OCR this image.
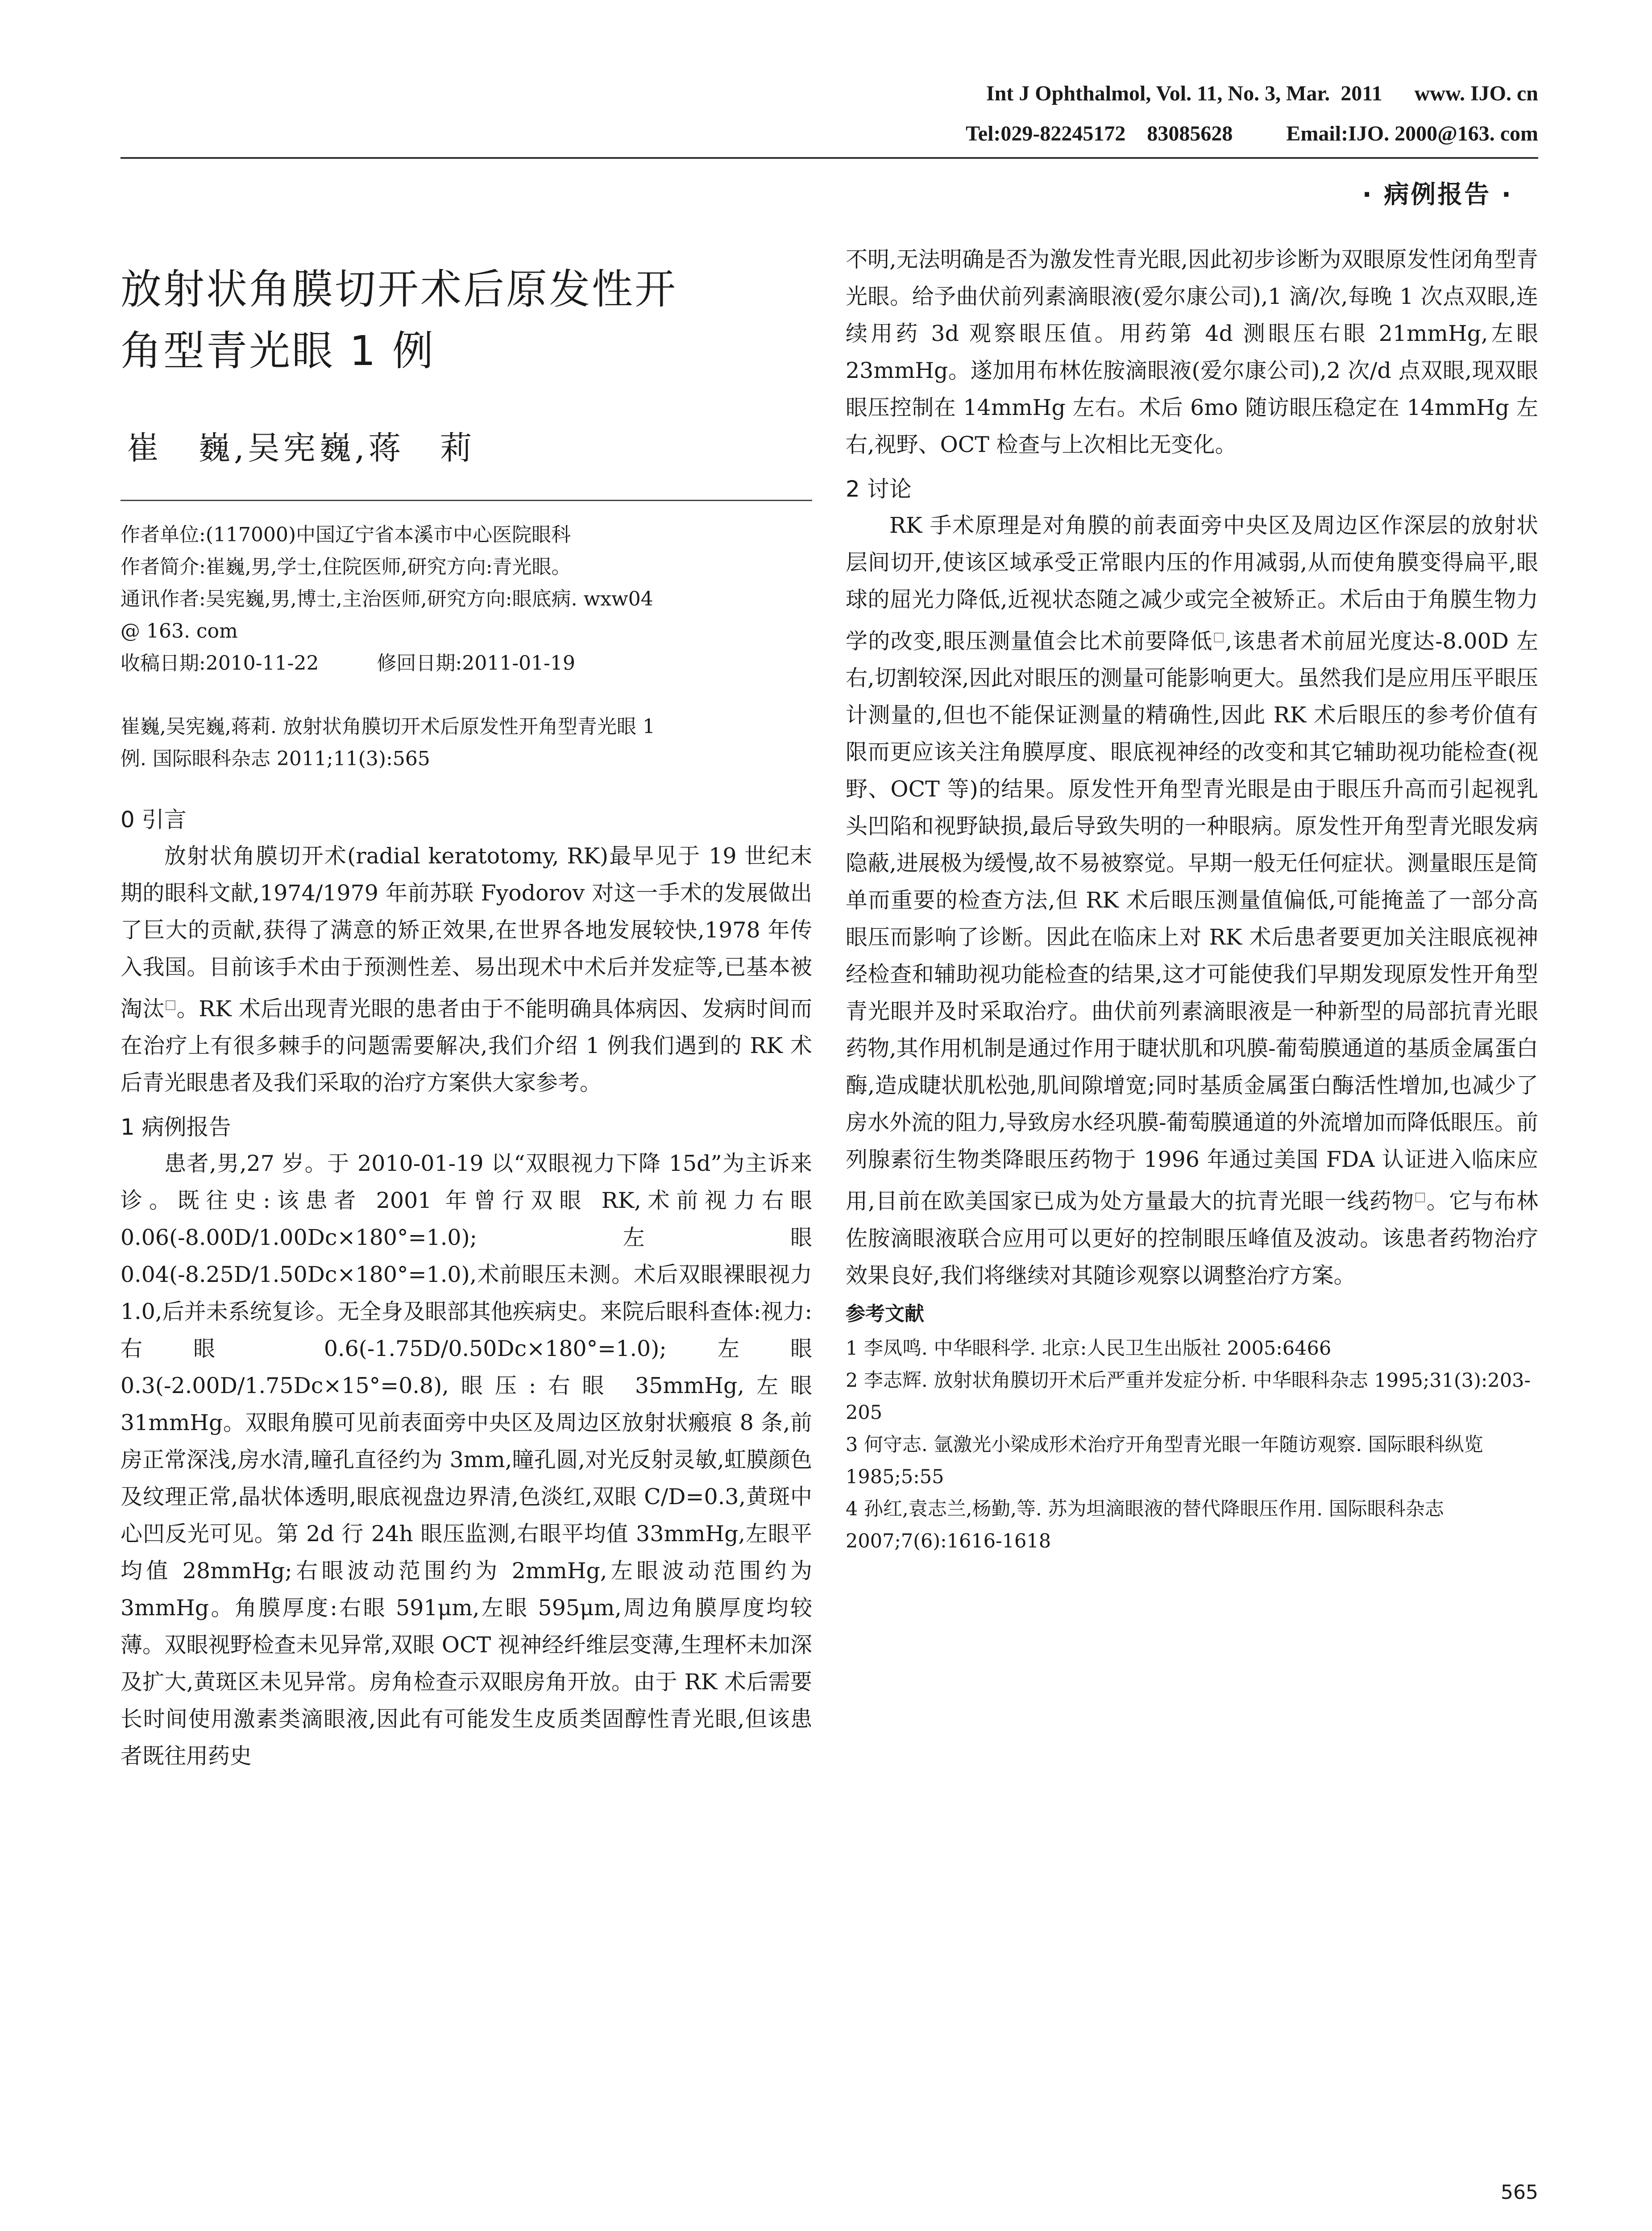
Int J Ophthalmol, Vol. 11, No. 3, Mar.  2011      www. IJO. cn
Tel:029-82245172    83085628          Email:IJO. 2000@163. com
· 病例报告 ·
放射状角膜切开术后原发性开
角型青光眼 1 例
崔　巍,吴宪巍,蒋　莉

作者单位:(117000)中国辽宁省本溪市中心医院眼科

作者简介:崔巍,男,学士,住院医师,研究方向:青光眼。

通讯作者:吴宪巍,男,博士,主治医师,研究方向:眼底病. wxw04

@ 163. com

收稿日期:2010-11-22	修回日期:2011-01-19

崔巍,吴宪巍,蒋莉. 放射状角膜切开术后原发性开角型青光眼 1

例. 国际眼科杂志 2011;11(3):565

0 引言

放射状角膜切开术(radial keratotomy, RK)最早见于 19 世纪末期的眼科文献,1974/1979 年前苏联 Fyodorov 对这一手术的发展做出了巨大的贡献,获得了满意的矫正效果,在世界各地发展较快,1978 年传入我国。目前该手术由于预测性差、易出现术中术后并发症等,已基本被淘汰□。RK 术后出现青光眼的患者由于不能明确具体病因、发病时间而在治疗上有很多棘手的问题需要解决,我们介绍 1 例我们遇到的 RK 术后青光眼患者及我们采取的治疗方案供大家参考。

1 病例报告

患者,男,27 岁。于 2010-01-19 以“双眼视力下降 15d”为主诉来诊。既往史:该患者 2001 年曾行双眼 RK,术前视力右眼 0.06(-8.00D/1.00Dc×180°=1.0);左眼 0.04(-8.25D/1.50Dc×180°=1.0),术前眼压未测。术后双眼裸眼视力 1.0,后并未系统复诊。无全身及眼部其他疾病史。来院后眼科查体:视力:右眼 0.6(-1.75D/0.50Dc×180°=1.0);左眼 0.3(-2.00D/1.75Dc×15°=0.8),眼压:右眼 35mmHg,左眼 31mmHg。双眼角膜可见前表面旁中央区及周边区放射状瘢痕 8 条,前房正常深浅,房水清,瞳孔直径约为 3mm,瞳孔圆,对光反射灵敏,虹膜颜色及纹理正常,晶状体透明,眼底视盘边界清,色淡红,双眼 C/D=0.3,黄斑中心凹反光可见。第 2d 行 24h 眼压监测,右眼平均值 33mmHg,左眼平均值 28mmHg;右眼波动范围约为 2mmHg,左眼波动范围约为 3mmHg。角膜厚度:右眼 591μm,左眼 595μm,周边角膜厚度均较薄。双眼视野检查未见异常,双眼 OCT 视神经纤维层变薄,生理杯未加深及扩大,黄斑区未见异常。房角检查示双眼房角开放。由于 RK 术后需要长时间使用激素类滴眼液,因此有可能发生皮质类固醇性青光眼,但该患者既往用药史

不明,无法明确是否为激发性青光眼,因此初步诊断为双眼原发性闭角型青光眼。给予曲伏前列素滴眼液(爱尔康公司),1 滴/次,每晚 1 次点双眼,连续用药 3d 观察眼压值。用药第 4d 测眼压右眼 21mmHg,左眼 23mmHg。遂加用布林佐胺滴眼液(爱尔康公司),2 次/d 点双眼,现双眼眼压控制在 14mmHg 左右。术后 6mo 随访眼压稳定在 14mmHg 左右,视野、OCT 检查与上次相比无变化。

2 讨论

RK 手术原理是对角膜的前表面旁中央区及周边区作深层的放射状层间切开,使该区域承受正常眼内压的作用减弱,从而使角膜变得扁平,眼球的屈光力降低,近视状态随之减少或完全被矫正。术后由于角膜生物力学的改变,眼压测量值会比术前要降低□,该患者术前屈光度达-8.00D 左右,切割较深,因此对眼压的测量可能影响更大。虽然我们是应用压平眼压计测量的,但也不能保证测量的精确性,因此 RK 术后眼压的参考价值有限而更应该关注角膜厚度、眼底视神经的改变和其它辅助视功能检查(视野、OCT 等)的结果。原发性开角型青光眼是由于眼压升高而引起视乳头凹陷和视野缺损,最后导致失明的一种眼病。原发性开角型青光眼发病隐蔽,进展极为缓慢,故不易被察觉。早期一般无任何症状。测量眼压是简单而重要的检查方法,但 RK 术后眼压测量值偏低,可能掩盖了一部分高眼压而影响了诊断。因此在临床上对 RK 术后患者要更加关注眼底视神经检查和辅助视功能检查的结果,这才可能使我们早期发现原发性开角型青光眼并及时采取治疗。曲伏前列素滴眼液是一种新型的局部抗青光眼药物,其作用机制是通过作用于睫状肌和巩膜-葡萄膜通道的基质金属蛋白酶,造成睫状肌松弛,肌间隙增宽;同时基质金属蛋白酶活性增加,也减少了房水外流的阻力,导致房水经巩膜-葡萄膜通道的外流增加而降低眼压。前列腺素衍生物类降眼压药物于 1996 年通过美国 FDA 认证进入临床应用,目前在欧美国家已成为处方量最大的抗青光眼一线药物□。它与布林佐胺滴眼液联合应用可以更好的控制眼压峰值及波动。该患者药物治疗效果良好,我们将继续对其随诊观察以调整治疗方案。

参考文献

1 李凤鸣. 中华眼科学. 北京:人民卫生出版社 2005:6466

2 李志辉. 放射状角膜切开术后严重并发症分析. 中华眼科杂志 1995;31(3):203-205

3 何守志. 氩激光小梁成形术治疗开角型青光眼一年随访观察. 国际眼科纵览 1985;5:55

4 孙红,袁志兰,杨勤,等. 苏为坦滴眼液的替代降眼压作用. 国际眼科杂志 2007;7(6):1616-1618

565
